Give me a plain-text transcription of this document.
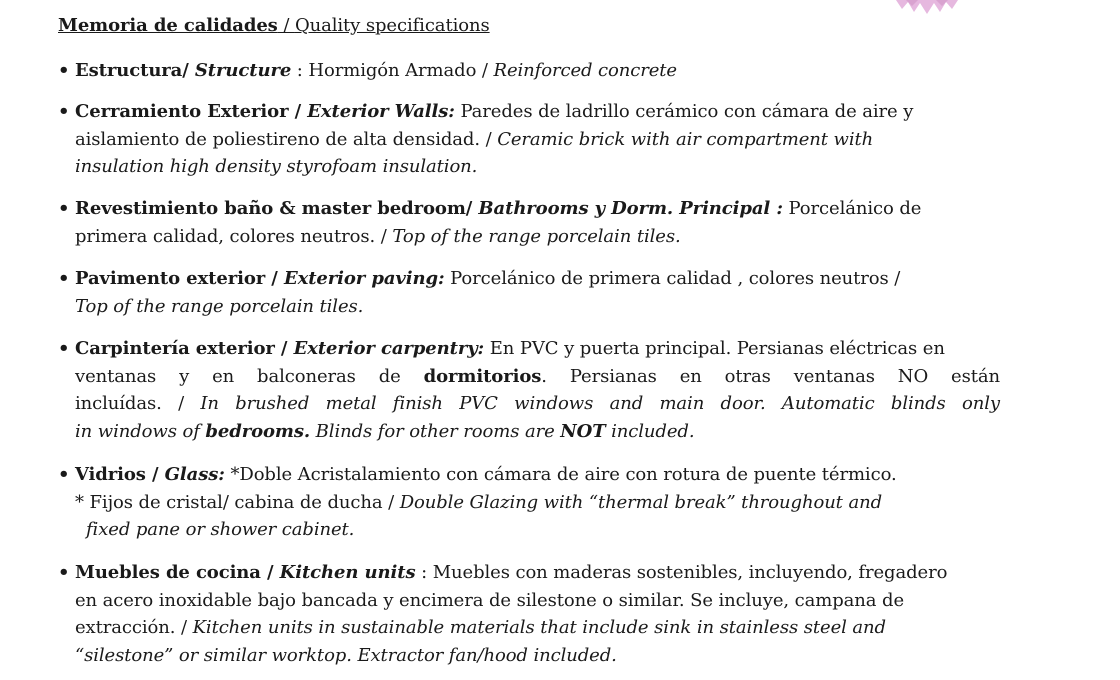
Memoria de calidades / Quality specifications
• Estructura/ Structure : Hormigón Armado / Reinforced concrete
• Cerramiento Exterior / Exterior Walls: Paredes de ladrillo cerámico con cámara de aire y
aislamiento de poliestireno de alta densidad. / Ceramic brick with air compartment with
insulation high density styrofoam insulation.
• Revestimiento baño & master bedroom/ Bathrooms y Dorm. Principal : Porcelánico de
primera calidad, colores neutros. / Top of the range porcelain tiles.
• Pavimento exterior / Exterior paving: Porcelánico de primera calidad , colores neutros /
Top of the range porcelain tiles.
• Carpintería exterior / Exterior carpentry: En PVC y puerta principal. Persianas eléctricas en
ventanas y en balconeras de dormitorios. Persianas en otras ventanas NO están
incluídas. / In brushed metal finish PVC windows and main door. Automatic blinds only
in windows of bedrooms. Blinds for other rooms are NOT included.
• Vidrios / Glass: *Doble Acristalamiento con cámara de aire con rotura de puente térmico.
* Fijos de cristal/ cabina de ducha / Double Glazing with “thermal break” throughout and
fixed pane or shower cabinet.
• Muebles de cocina / Kitchen units : Muebles con maderas sostenibles, incluyendo, fregadero
en acero inoxidable bajo bancada y encimera de silestone o similar. Se incluye, campana de
extracción. / Kitchen units in sustainable materials that include sink in stainless steel and
“silestone” or similar worktop. Extractor fan/hood included.
